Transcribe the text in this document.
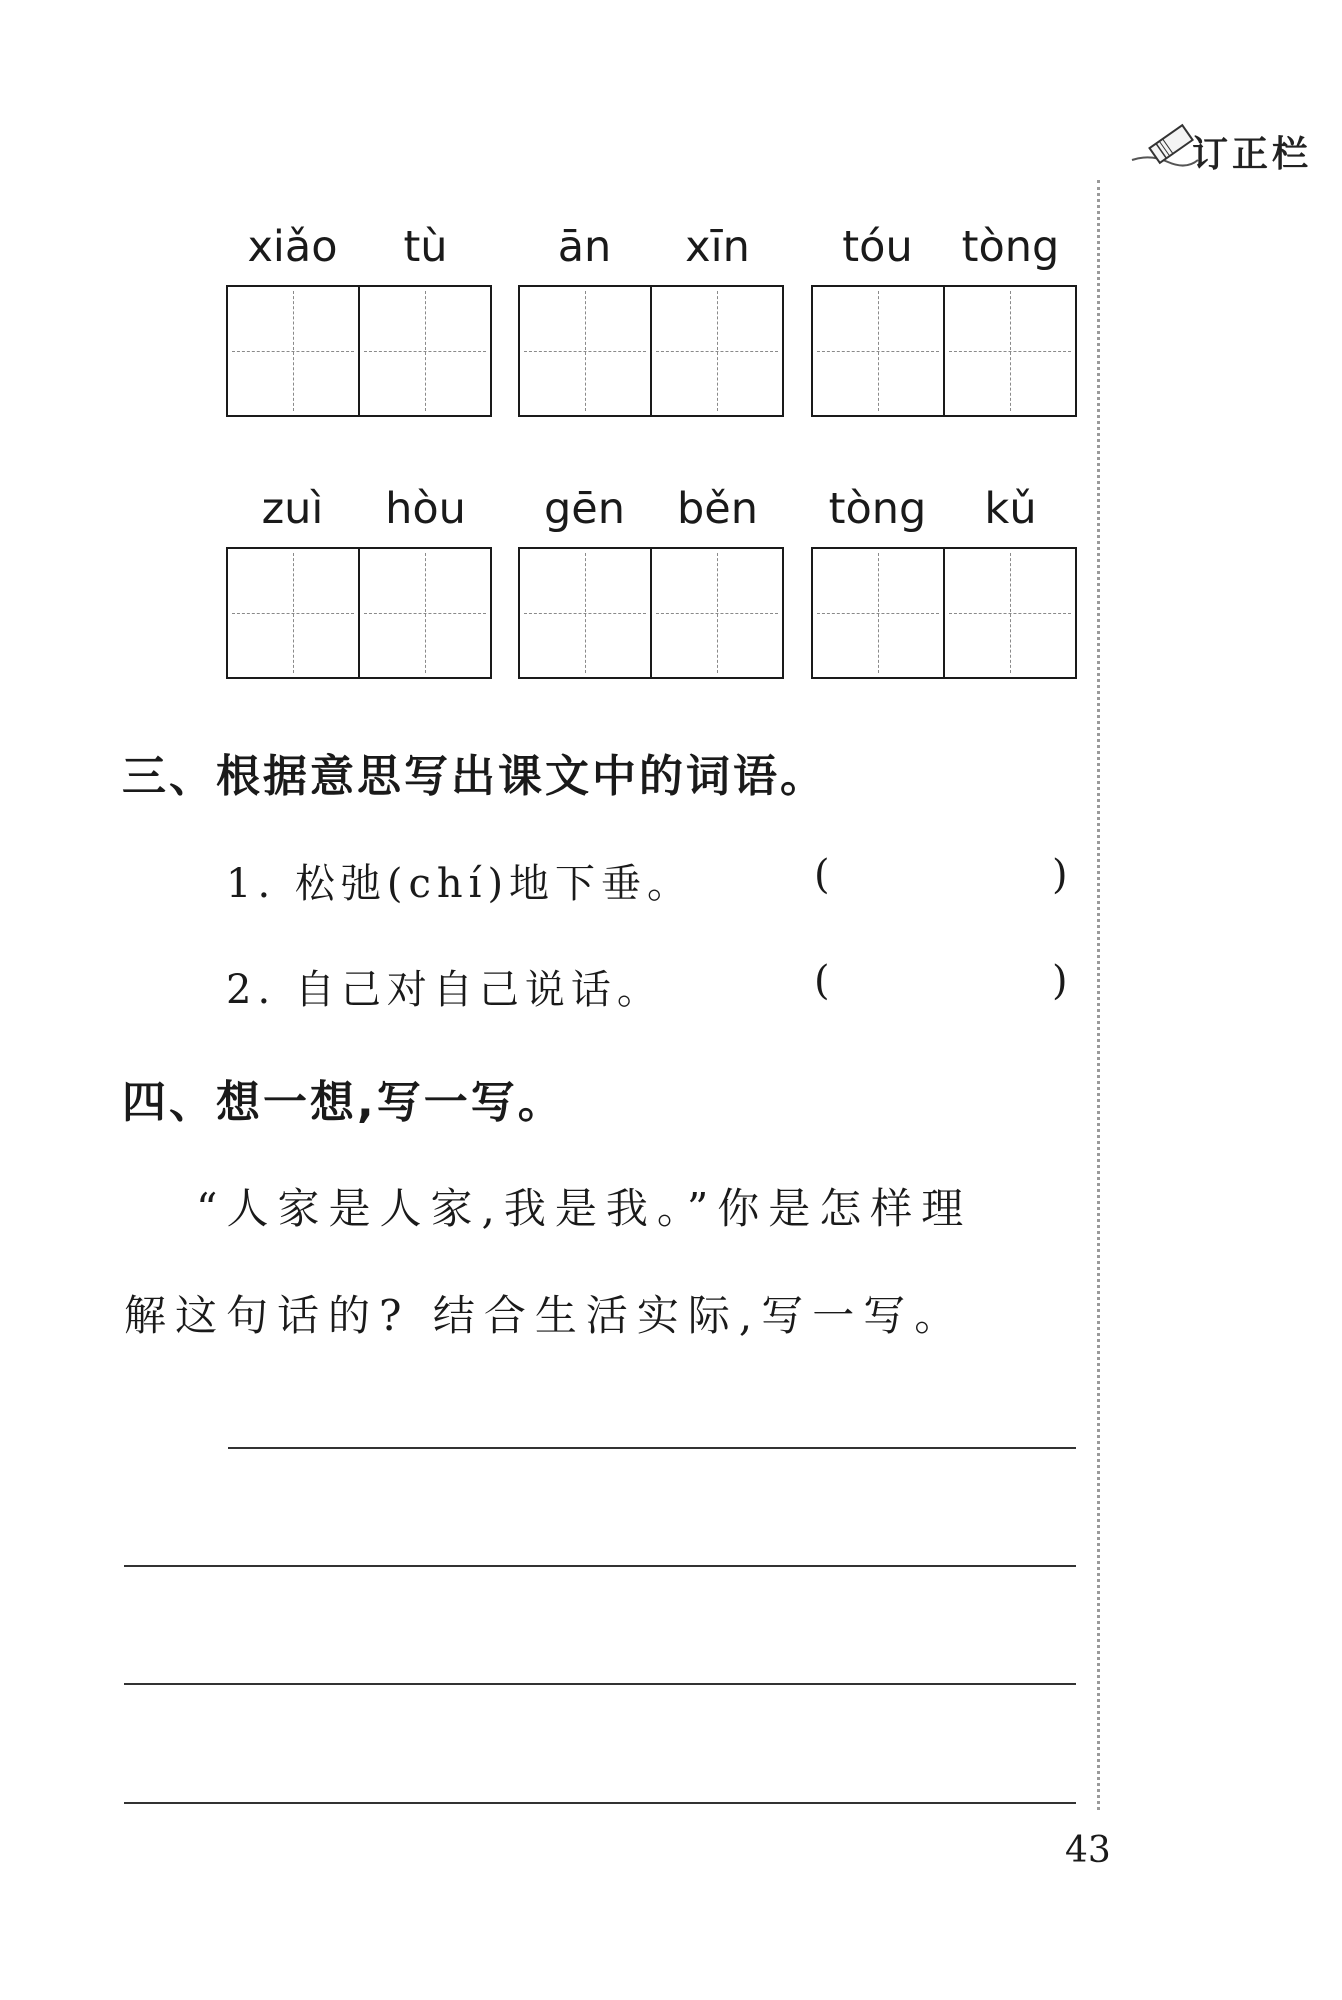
订正栏
xiǎo	tù	ān	xīn	tóu	tòng
zuì	hòu	gēn	běn	tòng	kǔ
三、根据意思写出课文中的词语。
1. 松弛(chí)地下垂。	(	)
2. 自己对自己说话。	(	)
四、想一想,写一写。
“人家是人家,我是我。”你是怎样理
解这句话的? 结合生活实际,写一写。
43
